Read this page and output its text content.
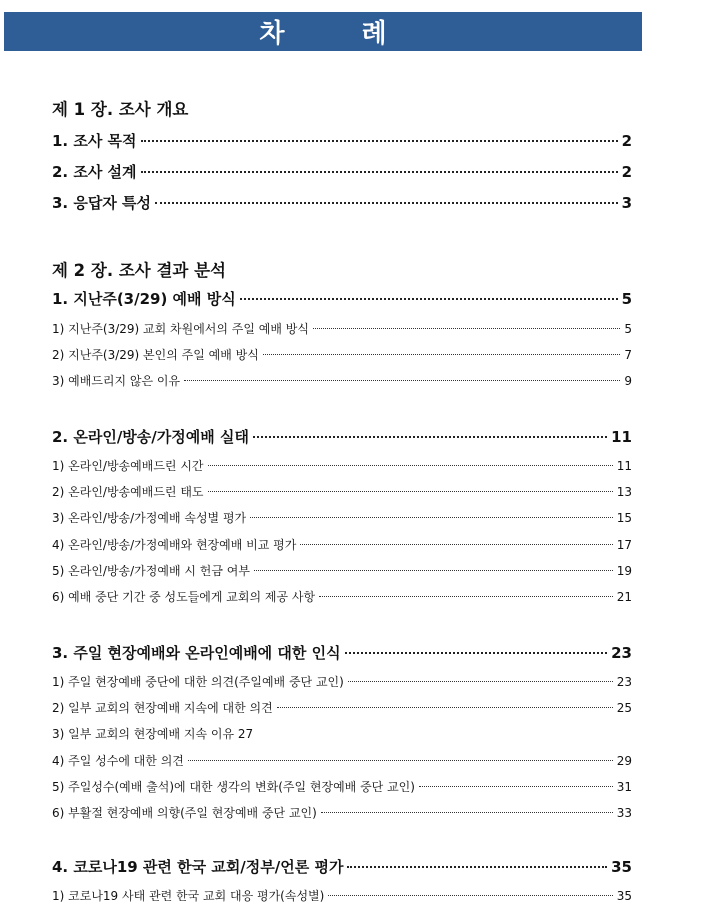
차 례
제 1 장. 조사 개요
1. 조사 목적	2
2. 조사 설계	2
3. 응답자 특성	3
제 2 장. 조사 결과 분석
1. 지난주(3/29) 예배 방식	5
1) 지난주(3/29) 교회 차원에서의 주일 예배 방식	5
2) 지난주(3/29) 본인의 주일 예배 방식	7
3) 예배드리지 않은 이유	9
2. 온라인/방송/가정예배 실태	11
1) 온라인/방송예배드린 시간	11
2) 온라인/방송예배드린 태도	13
3) 온라인/방송/가정예배 속성별 평가	15
4) 온라인/방송/가정예배와 현장예배 비교 평가	17
5) 온라인/방송/가정예배 시 헌금 여부	19
6) 예배 중단 기간 중 성도들에게 교회의 제공 사항	21
3. 주일 현장예배와 온라인예배에 대한 인식	23
1) 주일 현장예배 중단에 대한 의견(주일예배 중단 교인)	23
2) 일부 교회의 현장예배 지속에 대한 의견	25
3) 일부 교회의 현장예배 지속 이유 27
4) 주일 성수에 대한 의견	29
5) 주일성수(예배 출석)에 대한 생각의 변화(주일 현장예배 중단 교인)	31
6) 부활절 현장예배 의향(주일 현장예배 중단 교인)	33
4. 코로나19 관련 한국 교회/정부/언론 평가	35
1) 코로나19 사태 관련 한국 교회 대응 평가(속성별)	35
